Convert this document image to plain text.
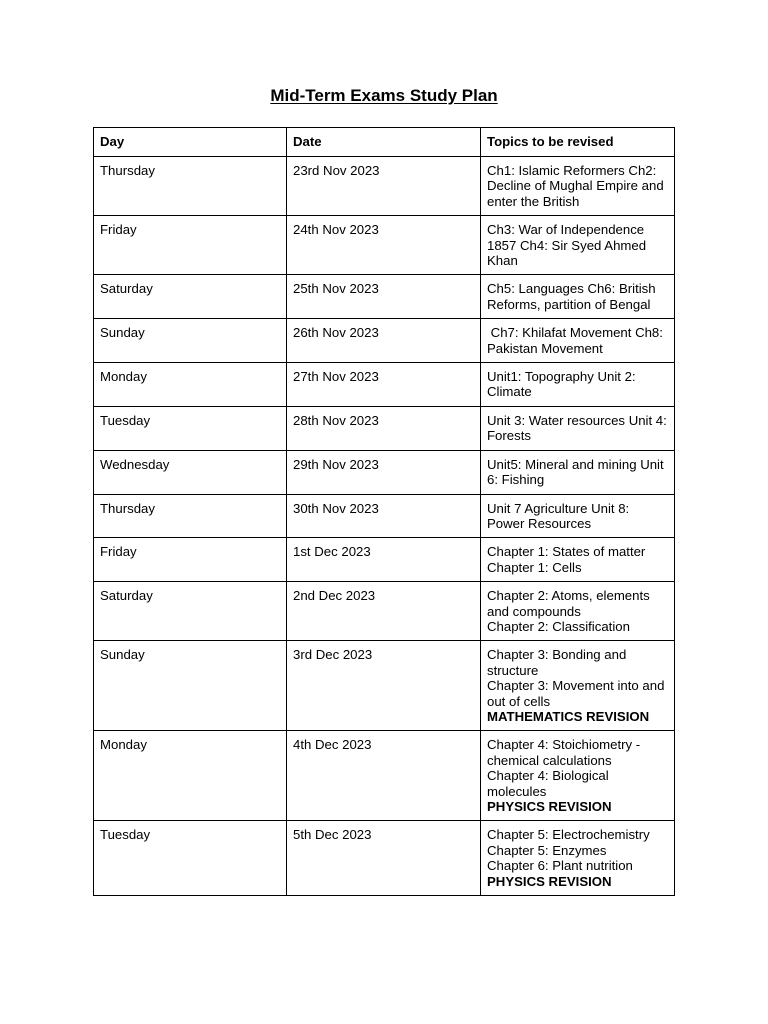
Mid-Term Exams Study Plan
Day	Date	Topics to be revised
Thursday	23rd Nov 2023	Ch1: Islamic Reformers Ch2: Decline of Mughal Empire and enter the British

Friday	24th Nov 2023	Ch3: War of Independence 1857 Ch4: Sir Syed Ahmed Khan

Saturday	25th Nov 2023	Ch5: Languages Ch6: British Reforms, partition of Bengal

Sunday	26th Nov 2023	Ch7: Khilafat Movement Ch8: Pakistan Movement

Monday	27th Nov 2023	Unit1: Topography Unit 2: Climate

Tuesday	28th Nov 2023	Unit 3: Water resources Unit 4: Forests

Wednesday	29th Nov 2023	Unit5: Mineral and mining Unit 6: Fishing

Thursday	30th Nov 2023	Unit 7 Agriculture Unit 8: Power Resources

Friday	1st Dec 2023	Chapter 1: States of matter
Chapter 1: Cells

Saturday	2nd Dec 2023	Chapter 2: Atoms, elements and compounds
Chapter 2: Classification

Sunday	3rd Dec 2023	Chapter 3: Bonding and structure
Chapter 3: Movement into and out of cells
MATHEMATICS REVISION

Monday	4th Dec 2023	Chapter 4: Stoichiometry - chemical calculations
Chapter 4: Biological molecules
PHYSICS REVISION

Tuesday	5th Dec 2023	Chapter 5: Electrochemistry
Chapter 5: Enzymes
Chapter 6: Plant nutrition
PHYSICS REVISION
